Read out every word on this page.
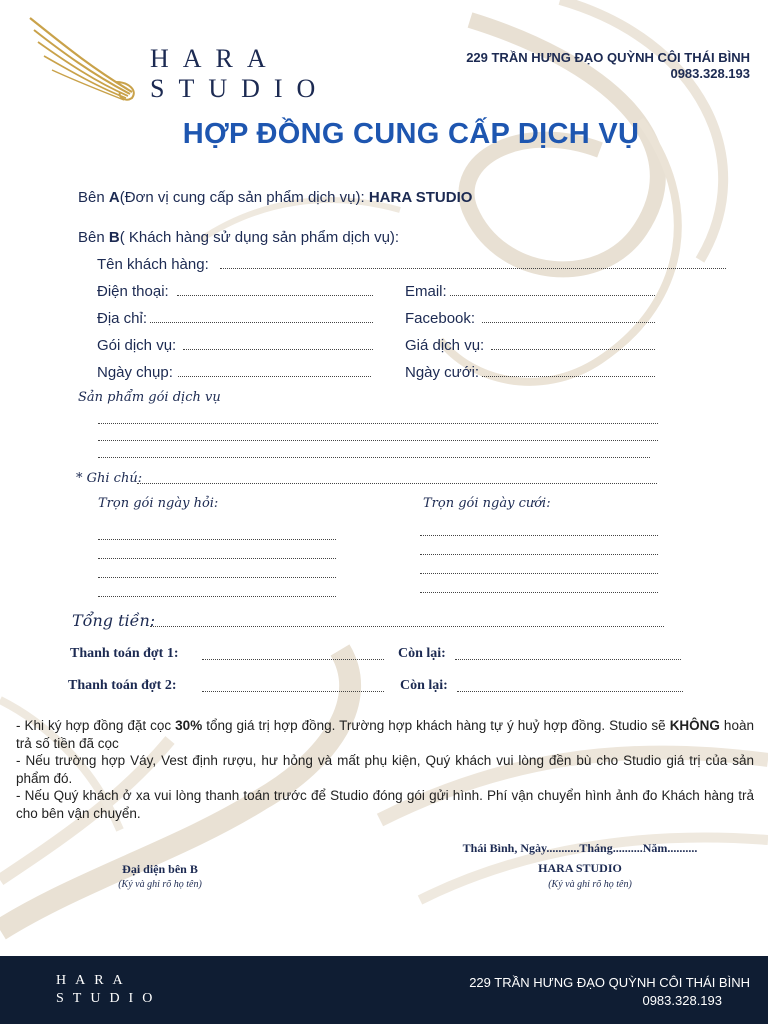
HARA
STUDIO
229 TRẦN HƯNG ĐẠO QUỲNH CÔI THÁI BÌNH
0983.328.193
HỢP ĐỒNG CUNG CẤP DỊCH VỤ
Bên A(Đơn vị cung cấp sản phẩm dịch vụ): HARA STUDIO
Bên B( Khách hàng sử dụng sản phẩm dịch vụ):
Tên khách hàng:
Điện thoại:	Email:
Địa chỉ:	Facebook:
Gói dịch vụ:	Giá dịch vụ:
Ngày chụp:	Ngày cưới:
Sản phẩm gói dịch vụ
* Ghi chú:
Trọn gói ngày hỏi:	Trọn gói ngày cưới:
Tổng tiền:
Thanh toán đợt 1:	Còn lại:
Thanh toán đợt 2:	Còn lại:
- Khi ký hợp đồng đặt cọc 30% tổng giá trị hợp đồng. Trường hợp khách hàng tự ý huỷ hợp đồng. Studio sẽ KHÔNG hoàn trả số tiền đã cọc
- Nếu trường hợp Váy, Vest định rượu, hư hỏng và mất phụ kiện, Quý khách vui lòng đền bù cho Studio giá trị của sản phẩm đó.
- Nếu Quý khách ở xa vui lòng thanh toán trước để Studio đóng gói gửi hình. Phí vận chuyển hình ảnh đo Khách hàng trả cho bên vận chuyển.
Thái Bình, Ngày...........Tháng..........Năm..........
Đại diện bên B
(Ký và ghi rõ họ tên)
HARA STUDIO
(Ký và ghi rõ họ tên)
HARA
STUDIO
229 TRẦN HƯNG ĐẠO QUỲNH CÔI THÁI BÌNH
0983.328.193
